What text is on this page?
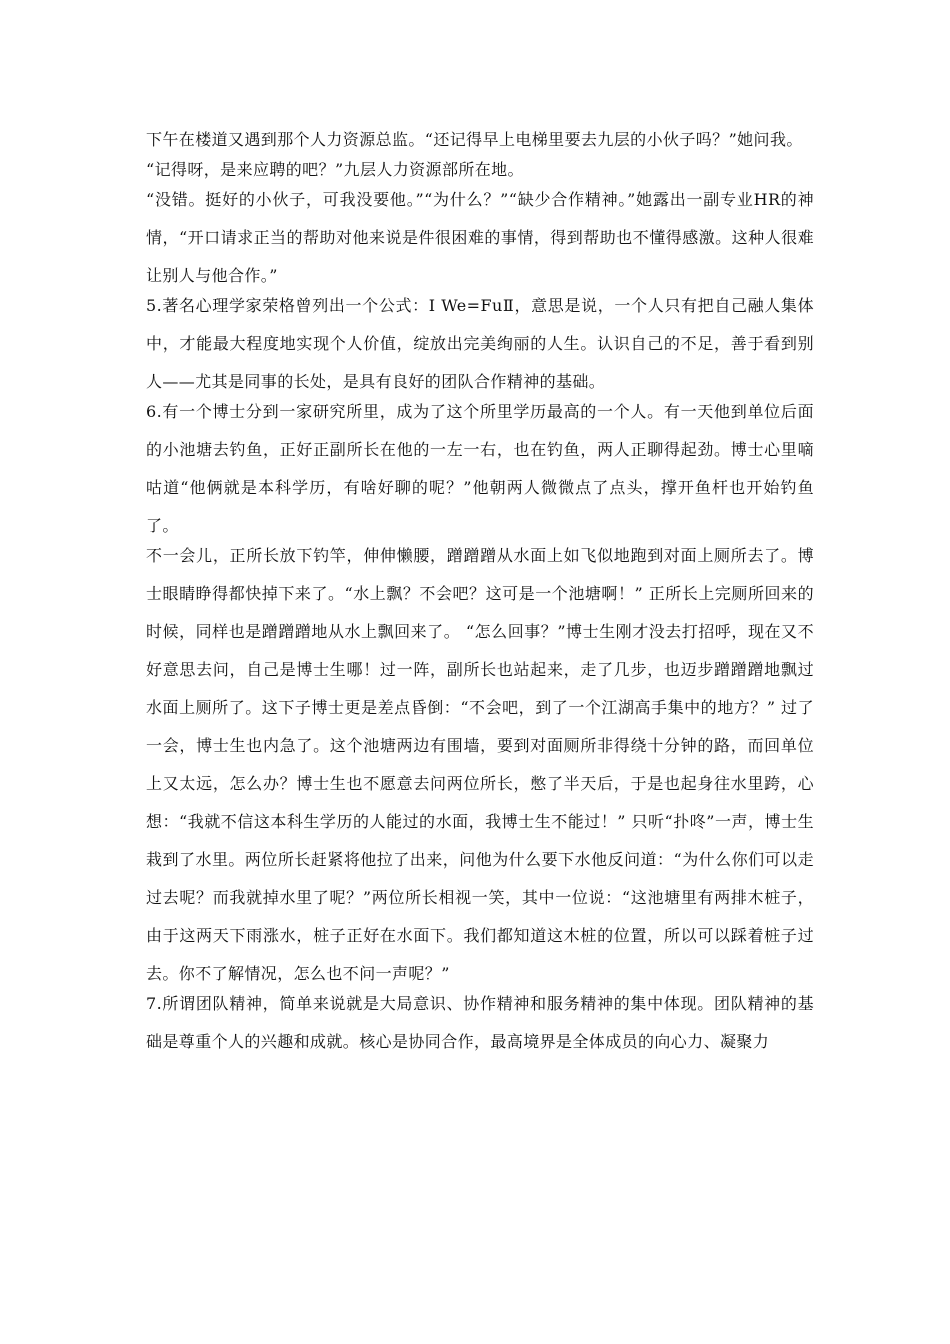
下午在楼道又遇到那个人力资源总监。“还记得早上电梯里要去九层的小伙子吗？”她问我。

“记得呀，是来应聘的吧？”九层人力资源部所在地。

“没错。挺好的小伙子，可我没要他。”“为什么？”“缺少合作精神。”她露出一副专业HR的神情，“开口请求正当的帮助对他来说是件很困难的事情，得到帮助也不懂得感激。这种人很难让别人与他合作。”

5.著名心理学家荣格曾列出一个公式：I We=FuⅡ，意思是说，一个人只有把自己融人集体中，才能最大程度地实现个人价值，绽放出完美绚丽的人生。认识自己的不足，善于看到别人——尤其是同事的长处，是具有良好的团队合作精神的基础。

6.有一个博士分到一家研究所里，成为了这个所里学历最高的一个人。有一天他到单位后面的小池塘去钓鱼，正好正副所长在他的一左一右，也在钓鱼，两人正聊得起劲。博士心里嘀咕道“他俩就是本科学历，有啥好聊的呢？”他朝两人微微点了点头，撑开鱼杆也开始钓鱼了。

不一会儿，正所长放下钓竿，伸伸懒腰，蹭蹭蹭从水面上如飞似地跑到对面上厕所去了。博士眼睛睁得都快掉下来了。“水上飘？不会吧？这可是一个池塘啊！” 正所长上完厕所回来的时候，同样也是蹭蹭蹭地从水上飘回来了。 “怎么回事？”博士生刚才没去打招呼，现在又不好意思去问，自己是博士生哪！过一阵，副所长也站起来，走了几步，也迈步蹭蹭蹭地飘过水面上厕所了。这下子博士更是差点昏倒：“不会吧，到了一个江湖高手集中的地方？” 过了一会，博士生也内急了。这个池塘两边有围墙，要到对面厕所非得绕十分钟的路，而回单位上又太远，怎么办？博士生也不愿意去问两位所长，憋了半天后，于是也起身往水里跨，心想：“我就不信这本科生学历的人能过的水面，我博士生不能过！” 只听“扑咚”一声，博士生栽到了水里。两位所长赶紧将他拉了出来，问他为什么要下水他反问道：“为什么你们可以走过去呢？而我就掉水里了呢？”两位所长相视一笑，其中一位说：“这池塘里有两排木桩子，由于这两天下雨涨水，桩子正好在水面下。我们都知道这木桩的位置，所以可以踩着桩子过去。你不了解情况，怎么也不问一声呢？”

7.所谓团队精神，简单来说就是大局意识、协作精神和服务精神的集中体现。团队精神的基础是尊重个人的兴趣和成就。核心是协同合作，最高境界是全体成员的向心力、凝聚力
